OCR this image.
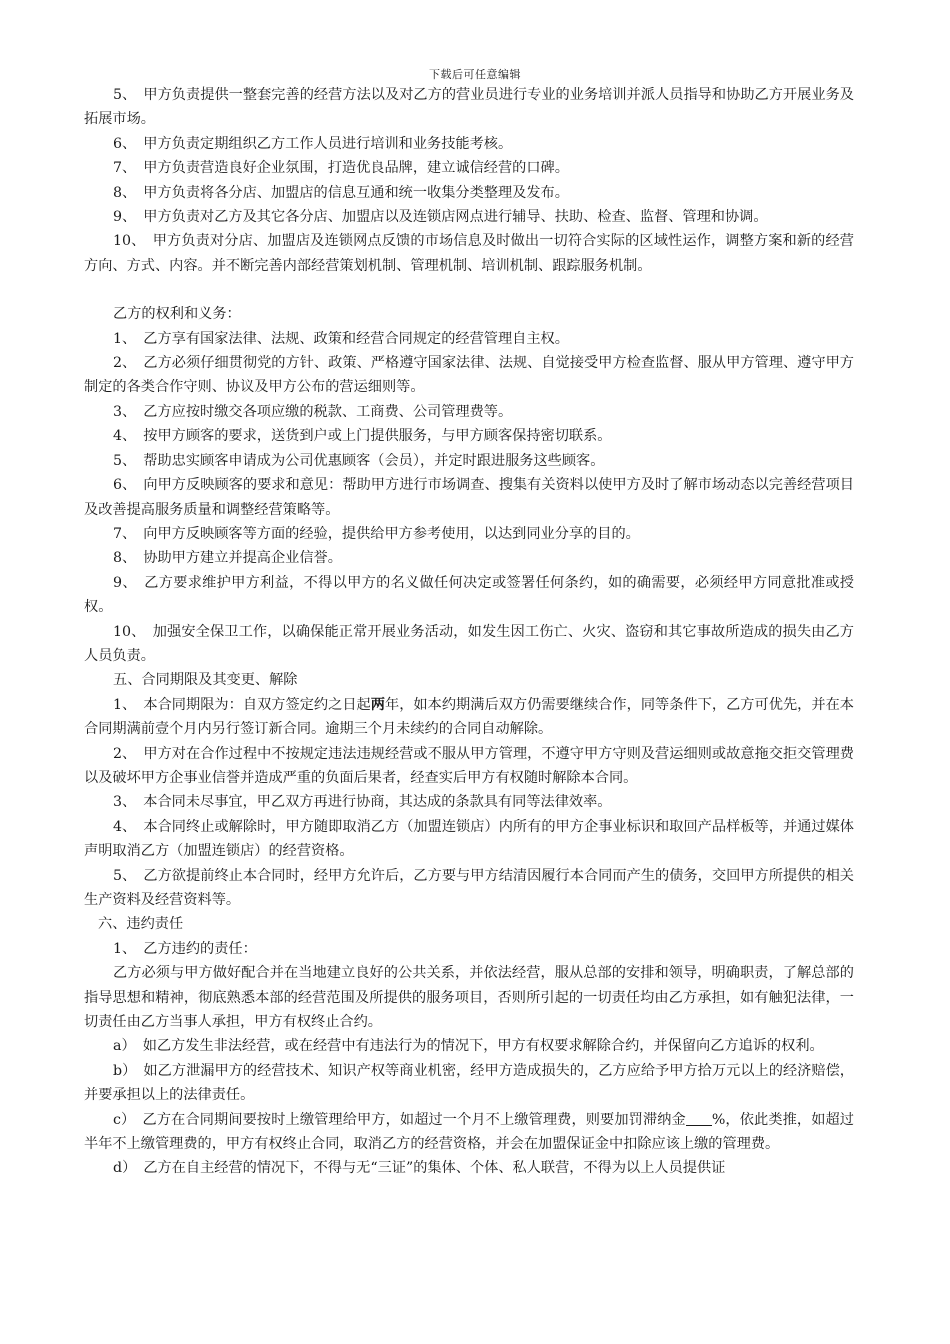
下载后可任意编辑

5、　甲方负责提供一整套完善的经营方法以及对乙方的营业员进行专业的业务培训并派人员指导和协助乙方开展业务及拓展市场。

6、　甲方负责定期组织乙方工作人员进行培训和业务技能考核。

7、　甲方负责营造良好企业氛围，打造优良品牌，建立诚信经营的口碑。

8、　甲方负责将各分店、加盟店的信息互通和统一收集分类整理及发布。

9、　甲方负责对乙方及其它各分店、加盟店以及连锁店网点进行辅导、扶助、检查、监督、管理和协调。

10、　甲方负责对分店、加盟店及连锁网点反馈的市场信息及时做出一切符合实际的区域性运作，调整方案和新的经营方向、方式、内容。并不断完善内部经营策划机制、管理机制、培训机制、跟踪服务机制。

乙方的权利和义务：

1、　乙方享有国家法律、法规、政策和经营合同规定的经营管理自主权。

2、　乙方必须仔细贯彻党的方针、政策、严格遵守国家法律、法规、自觉接受甲方检查监督、服从甲方管理、遵守甲方制定的各类合作守则、协议及甲方公布的营运细则等。

3、　乙方应按时缴交各项应缴的税款、工商费、公司管理费等。

4、　按甲方顾客的要求，送货到户或上门提供服务，与甲方顾客保持密切联系。

5、　帮助忠实顾客申请成为公司优惠顾客（会员），并定时跟进服务这些顾客。

6、　向甲方反映顾客的要求和意见：帮助甲方进行市场调查、搜集有关资料以使甲方及时了解市场动态以完善经营项目及改善提高服务质量和调整经营策略等。

7、　向甲方反映顾客等方面的经验，提供给甲方参考使用，以达到同业分享的目的。

8、　协助甲方建立并提高企业信誉。

9、　乙方要求维护甲方利益，不得以甲方的名义做任何决定或签署任何条约，如的确需要，必须经甲方同意批准或授权。

10、　加强安全保卫工作，以确保能正常开展业务活动，如发生因工伤亡、火灾、盗窃和其它事故所造成的损失由乙方人员负责。

五、合同期限及其变更、解除

1、　本合同期限为：自双方签定约之日起两年，如本约期满后双方仍需要继续合作，同等条件下，乙方可优先，并在本合同期满前壹个月内另行签订新合同。逾期三个月未续约的合同自动解除。

2、　甲方对在合作过程中不按规定违法违规经营或不服从甲方管理，不遵守甲方守则及营运细则或故意拖交拒交管理费以及破坏甲方企事业信誉并造成严重的负面后果者，经查实后甲方有权随时解除本合同。

3、　本合同未尽事宜，甲乙双方再进行协商，其达成的条款具有同等法律效率。

4、　本合同终止或解除时，甲方随即取消乙方（加盟连锁店）内所有的甲方企事业标识和取回产品样板等，并通过媒体声明取消乙方（加盟连锁店）的经营资格。

5、　乙方欲提前终止本合同时，经甲方允许后，乙方要与甲方结清因履行本合同而产生的债务，交回甲方所提供的相关生产资料及经营资料等。

六、违约责任

1、　乙方违约的责任：

乙方必须与甲方做好配合并在当地建立良好的公共关系，并依法经营，服从总部的安排和领导，明确职责，了解总部的指导思想和精神，彻底熟悉本部的经营范围及所提供的服务项目，否则所引起的一切责任均由乙方承担，如有触犯法律，一切责任由乙方当事人承担，甲方有权终止合约。

a）　如乙方发生非法经营，或在经营中有违法行为的情况下，甲方有权要求解除合约，并保留向乙方追诉的权利。

b）　如乙方泄漏甲方的经营技术、知识产权等商业机密，经甲方造成损失的，乙方应给予甲方拾万元以上的经济赔偿，并要承担以上的法律责任。

c）　乙方在合同期间要按时上缴管理给甲方，如超过一个月不上缴管理费，则要加罚滞纳金 %，依此类推，如超过半年不上缴管理费的，甲方有权终止合同，取消乙方的经营资格，并会在加盟保证金中扣除应该上缴的管理费。

d）　乙方在自主经营的情况下，不得与无“三证”的集体、个体、私人联营，不得为以上人员提供证
